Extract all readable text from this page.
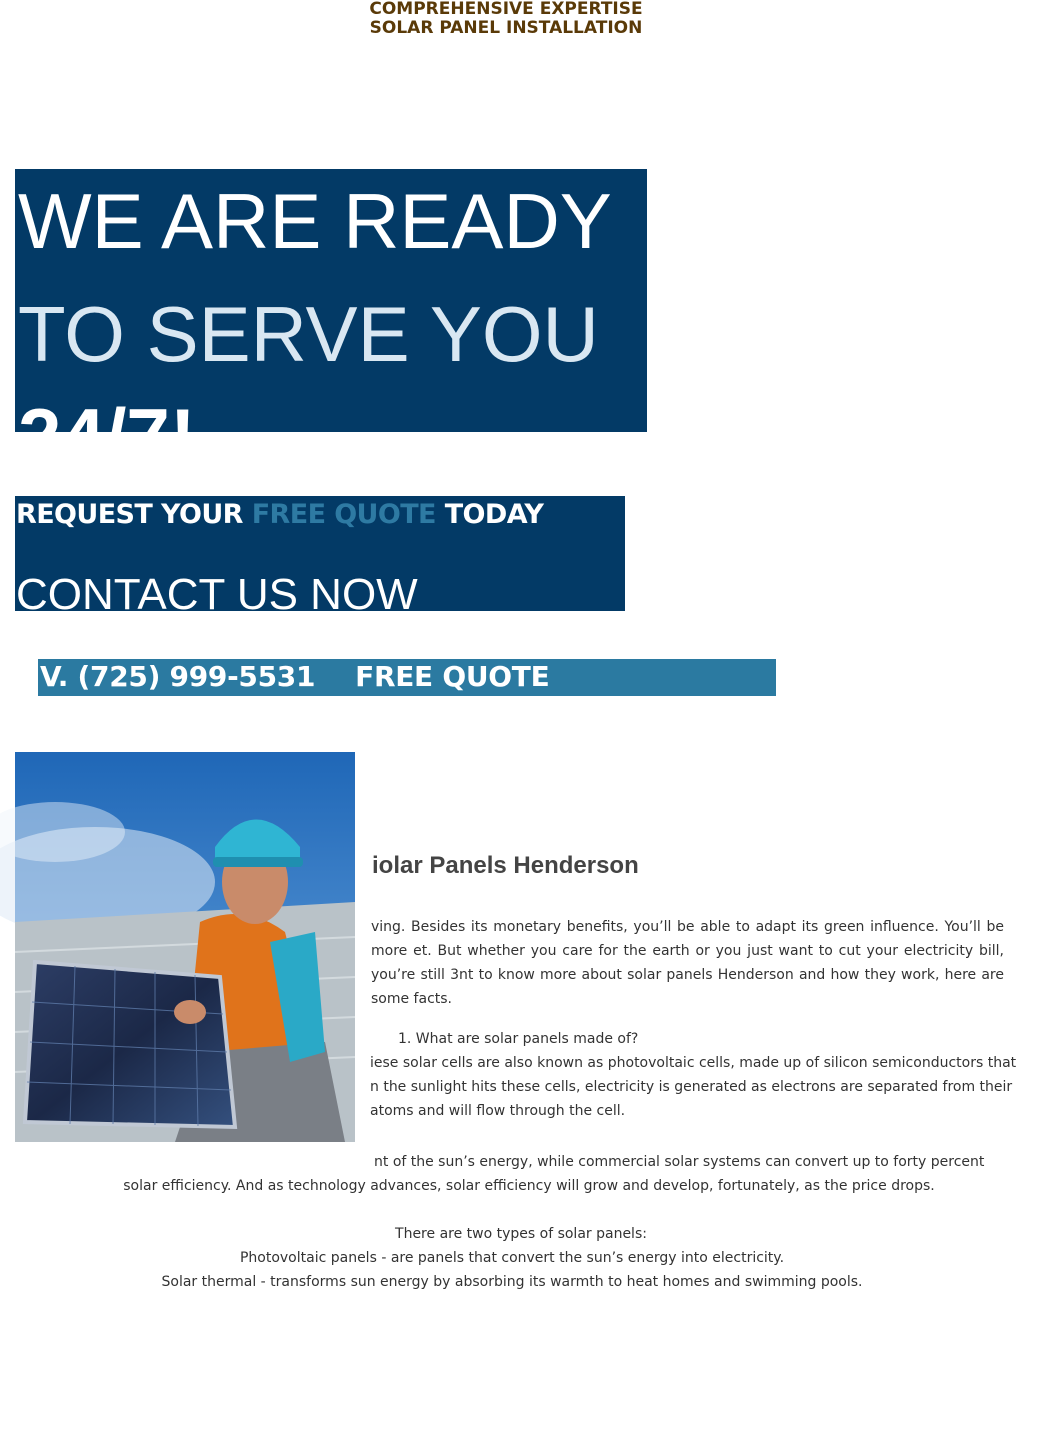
COMPREHENSIVE EXPERTISE
SOLAR PANEL INSTALLATION
WE ARE READY
TO SERVE YOU
24/7!
REQUEST YOUR FREE QUOTE TODAY
CONTACT US NOW
V. (725) 999-5531 FREE QUOTE
iolar Panels Henderson
ving. Besides its monetary benefits, you’ll be able to adapt its green influence. You’ll be more et. But whether you care for the earth or you just want to cut your electricity bill, you’re still 3nt to know more about solar panels Henderson and how they work, here are some facts.
1. What are solar panels made of?
iese solar cells are also known as photovoltaic cells, made up of silicon semiconductors that
n the sunlight hits these cells, electricity is generated as electrons are separated from their
atoms and will flow through the cell.
nt of the sun’s energy, while commercial solar systems can convert up to forty percent
solar efficiency. And as technology advances, solar efficiency will grow and develop, fortunately, as the price drops.
There are two types of solar panels:
Photovoltaic panels - are panels that convert the sun’s energy into electricity.
Solar thermal - transforms sun energy by absorbing its warmth to heat homes and swimming pools.
